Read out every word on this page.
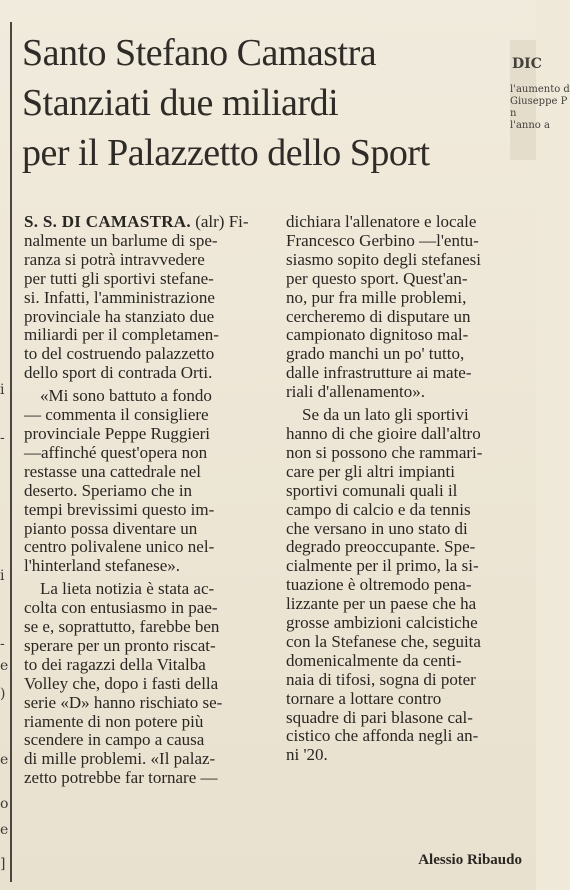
i
-
i
-
e
)
e
o
e
]
DIC
l'aumento d
Giuseppe P
n
l'anno a
Santo Stefano Camastra
Stanziati due miliardi
per il Palazzetto dello Sport
S. S. DI CAMASTRA. (alr) Fi-
nalmente un barlume di spe-
ranza si potrà intravvedere
per tutti gli sportivi stefane-
si. Infatti, l'amministrazione
provinciale ha stanziato due
miliardi per il completamen-
to del costruendo palazzetto
dello sport di contrada Orti.
«Mi sono battuto a fondo
— commenta il consigliere
provinciale Peppe Ruggieri
—affinché quest'opera non
restasse una cattedrale nel
deserto. Speriamo che in
tempi brevissimi questo im-
pianto possa diventare un
centro polivalene unico nel-
l'hinterland stefanese».
La lieta notizia è stata ac-
colta con entusiasmo in pae-
se e, soprattutto, farebbe ben
sperare per un pronto riscat-
to dei ragazzi della Vitalba
Volley che, dopo i fasti della
serie «D» hanno rischiato se-
riamente di non potere più
scendere in campo a causa
di mille problemi. «Il palaz-
zetto potrebbe far tornare —
dichiara l'allenatore e locale
Francesco Gerbino —l'entu-
siasmo sopito degli stefanesi
per questo sport. Quest'an-
no, pur fra mille problemi,
cercheremo di disputare un
campionato dignitoso mal-
grado manchi un po' tutto,
dalle infrastrutture ai mate-
riali d'allenamento».
Se da un lato gli sportivi
hanno di che gioire dall'altro
non si possono che rammari-
care per gli altri impianti
sportivi comunali quali il
campo di calcio e da tennis
che versano in uno stato di
degrado preoccupante. Spe-
cialmente per il primo, la si-
tuazione è oltremodo pena-
lizzante per un paese che ha
grosse ambizioni calcistiche
con la Stefanese che, seguita
domenicalmente da centi-
naia di tifosi, sogna di poter
tornare a lottare contro
squadre di pari blasone cal-
cistico che affonda negli an-
ni '20.
Alessio Ribaudo
